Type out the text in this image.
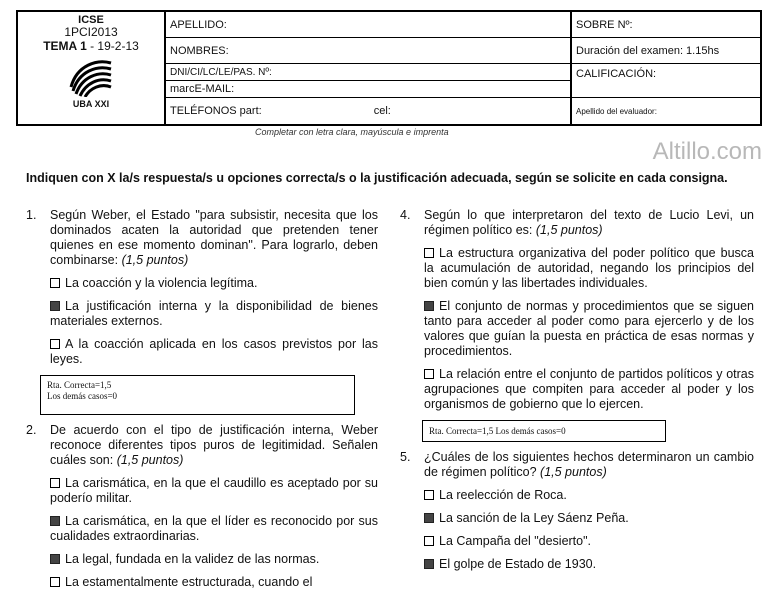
ICSE
1PCI2013
TEMA 1 - 19-2-13
UBA XXI
APELLIDO:
NOMBRES:
DNI/CI/LC/LE/PAS. Nº:
marcE-MAIL:
TELÉFONOS part:	cel:
SOBRE Nº:
Duración del examen: 1.15hs
CALIFICACIÓN:
Apellido del evaluador:
Completar con letra clara, mayúscula e imprenta
Altillo.com
Indiquen con X la/s respuesta/s u opciones correcta/s o la justificación adecuada, según se solicite en cada consigna.
1.	Según Weber, el Estado "para subsistir, necesita que los dominados acaten la autoridad que pretenden tener quienes en ese momento dominan". Para lograrlo, deben combinarse: (1,5 puntos)
La coacción y la violencia legítima.
La justificación interna y la disponibilidad de bienes materiales externos.
A la coacción aplicada en los casos previstos por las leyes.
Rta. Correcta=1,5
Los demás casos=0
2.	De acuerdo con el tipo de justificación interna, Weber reconoce diferentes tipos puros de legitimidad. Señalen cuáles son: (1,5 puntos)
La carismática, en la que el caudillo es aceptado por su poderío militar.
La carismática, en la que el líder es reconocido por sus cualidades extraordinarias.
La legal, fundada en la validez de las normas.
La estamentalmente estructurada, cuando el
4.	Según lo que interpretaron del texto de Lucio Levi, un régimen político es: (1,5 puntos)
La estructura organizativa del poder político que busca la acumulación de autoridad, negando los principios del bien común y las libertades individuales.
El conjunto de normas y procedimientos que se siguen tanto para acceder al poder como para ejercerlo y de los valores que guían la puesta en práctica de esas normas y procedimientos.
La relación entre el conjunto de partidos políticos y otras agrupaciones que compiten para acceder al poder y los organismos de gobierno que lo ejercen.
Rta. Correcta=1,5 Los demás casos=0
5.	¿Cuáles de los siguientes hechos determinaron un cambio de régimen político? (1,5 puntos)
La reelección de Roca.
La sanción de la Ley Sáenz Peña.
La Campaña del "desierto".
El golpe de Estado de 1930.
